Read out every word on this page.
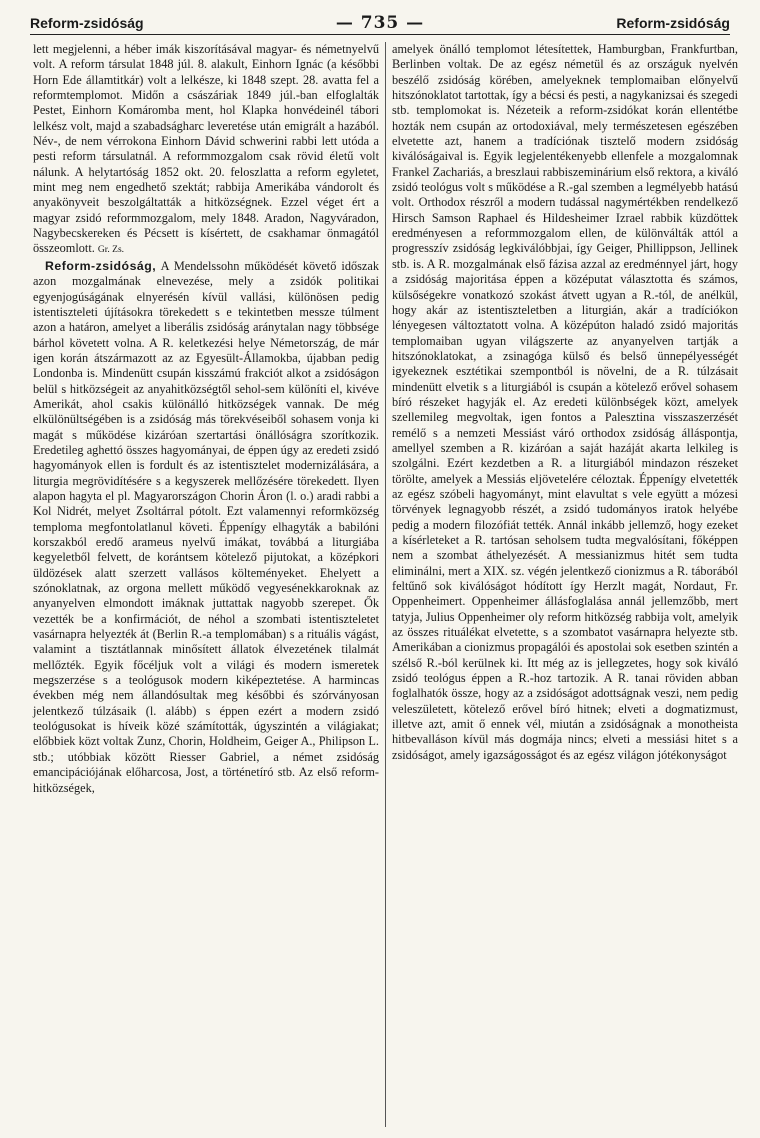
Reform-zsidóság	— 735 —	Reform-zsidóság

lett megjelenni, a héber imák kiszorításával magyar- és németnyelvű volt. A reform társulat 1848 júl. 8. alakult, Einhorn Ignác (a későbbi Horn Ede államtitkár) volt a lelkésze, ki 1848 szept. 28. avatta fel a reformtemplomot. Midőn a császáriak 1849 júl.-ban elfoglalták Pestet, Einhorn Komáromba ment, hol Klapka honvédeinél tábori lelkész volt, majd a szabadságharc leveretése után emigrált a hazából. Név-, de nem vérrokona Einhorn Dávid schwerini rabbi lett utóda a pesti reform társulatnál. A reformmozgalom csak rövid életű volt nálunk. A helytartóság 1852 okt. 20. feloszlatta a reform egyletet, mint meg nem engedhető szektát; rabbija Amerikába vándorolt és anyakönyveit beszolgáltatták a hitközségnek. Ezzel véget ért a magyar zsidó reformmozgalom, mely 1848. Aradon, Nagyváradon, Nagybecskereken és Pécsett is kísértett, de csakhamar önmagától összeomlott. Gr. Zs.

Reform-zsidóság, A Mendelssohn működését követő időszak azon mozgalmának elnevezése, mely a zsidók politikai egyenjogúságának elnyerésén kívül vallási, különösen pedig istentiszteleti újításokra törekedett s e tekintetben messze túlment azon a határon, amelyet a liberális zsidóság aránytalan nagy többsége bárhol követett volna. A R. keletkezési helye Németország, de már igen korán átszármazott az az Egyesült-Államokba, újabban pedig Londonba is. Mindenütt csupán kisszámú frakciót alkot a zsidóságon belül s hitközségeit az anyahitközségtől sehol-sem különíti el, kivéve Amerikát, ahol csakis különálló hitközségek vannak. De még elkülönültségében is a zsidóság más törekvéseiből sohasem vonja ki magát s működése kizáróan szertartási önállóságra szorítkozik. Eredetileg aghettó összes hagyományai, de éppen úgy az eredeti zsidó hagyományok ellen is fordult és az istentisztelet modernizálására, a liturgia megrövidítésére s a kegyszerek mellőzésére törekedett. Ilyen alapon hagyta el pl. Magyarországon Chorin Áron (l. o.) aradi rabbi a Kol Nidrét, melyet Zsoltárral pótolt. Ezt valamennyi reformközség temploma megfontolatlanul követi. Éppenígy elhagyták a babilóni korszakból eredő arameus nyelvű imákat, továbbá a liturgiába kegyeletből felvett, de korántsem kötelező pijutokat, a középkori üldözések alatt szerzett vallásos költeményeket. Ehelyett a szónoklatnak, az orgona mellett működő vegyesénekkaroknak az anyanyelven elmondott imáknak juttattak nagyobb szerepet. Ők vezették be a konfirmációt, de néhol a szombati istentiszteletet vasárnapra helyezték át (Berlin R.-a templomában) s a rituális vágást, valamint a tisztátlannak minősített állatok élvezetének tilalmát mellőzték. Egyik főcéljuk volt a világi és modern ismeretek megszerzése s a teológusok modern kiképeztetése. A harmincas években még nem állandósultak meg későbbi és szórványosan jelentkező túlzásaik (l. alább) s éppen ezért a modern zsidó teológusokat is híveik közé számították, úgyszintén a világiakat; előbbiek közt voltak Zunz, Chorin, Holdheim, Geiger A., Philipson L. stb.; utóbbiak között Riesser Gabriel, a német zsidóság emancipációjának előharcosa, Jost, a történetíró stb. Az első reform-hitközségek,

amelyek önálló templomot létesítettek, Hamburgban, Frankfurtban, Berlinben voltak. De az egész németül és az országuk nyelvén beszélő zsidóság körében, amelyeknek templomaiban előnyelvű hitszónoklatot tartottak, így a bécsi és pesti, a nagykanizsai és szegedi stb. templomokat is. Nézeteik a reform-zsidókat korán ellentétbe hozták nem csupán az ortodoxiával, mely természetesen egészében elvetette azt, hanem a tradíciónak tisztelő modern zsidóság kiválóságaival is. Egyik legjelentékenyebb ellenfele a mozgalomnak Frankel Zachariás, a breszlaui rabbiszeminárium első rektora, a kiváló zsidó teológus volt s működése a R.-gal szemben a legmélyebb hatású volt. Orthodox részről a modern tudással nagymértékben rendelkező Hirsch Samson Raphael és Hildesheimer Izrael rabbik küzdöttek eredményesen a reformmozgalom ellen, de különválták attól a progresszív zsidóság legkiválóbbjai, így Geiger, Phillippson, Jellinek stb. is. A R. mozgalmának első fázisa azzal az eredménnyel járt, hogy a zsidóság majoritása éppen a középutat választotta és számos, külsőségekre vonatkozó szokást átvett ugyan a R.-tól, de anélkül, hogy akár az istentiszteletben a liturgián, akár a tradíciókon lényegesen változtatott volna. A középúton haladó zsidó majoritás templomaiban ugyan világszerte az anyanyelven tartják a hitszónoklatokat, a zsinagóga külső és belső ünnepélyességét igyekeznek esztétikai szempontból is növelni, de a R. túlzásait mindenütt elvetik s a liturgiából is csupán a kötelező erővel sohasem bíró részeket hagyják el. Az eredeti különbségek közt, amelyek szellemileg megvoltak, igen fontos a Palesztina visszaszerzését remélő s a nemzeti Messiást váró orthodox zsidóság álláspontja, amellyel szemben a R. kizáróan a saját hazáját akarta lelkileg is szolgálni. Ezért kezdetben a R. a liturgiából mindazon részeket törölte, amelyek a Messiás eljövetelére céloztak. Éppenígy elvetették az egész szóbeli hagyományt, mint elavultat s vele együtt a mózesi törvények legnagyobb részét, a zsidó tudományos iratok helyébe pedig a modern filozófiát tették. Annál inkább jellemző, hogy ezeket a kísérleteket a R. tartósan seholsem tudta megvalósítani, főképpen nem a szombat áthelyezését. A messianizmus hitét sem tudta eliminálni, mert a XIX. sz. végén jelentkező cionizmus a R. táborából feltűnő sok kiválóságot hódított így Herzlt magát, Nordaut, Fr. Oppenheimert. Oppenheimer állásfoglalása annál jellemzőbb, mert tatyja, Julius Oppenheimer oly reform hitközség rabbija volt, amelyik az összes rituálékat elvetette, s a szombatot vasárnapra helyezte stb. Amerikában a cionizmus propagálói és apostolai sok esetben szintén a szélső R.-ból kerülnek ki. Itt még az is jellegzetes, hogy sok kiváló zsidó teológus éppen a R.-hoz tartozik. A R. tanai röviden abban foglalhatók össze, hogy az a zsidóságot adottságnak veszi, nem pedig veleszületett, kötelező erővel bíró hitnek; elveti a dogmatizmust, illetve azt, amit ő ennek vél, miután a zsidóságnak a monotheista hitbevalláson kívül más dogmája nincs; elveti a messiási hitet s a zsidóságot, amely igazságosságot és az egész világon jótékonyságot
